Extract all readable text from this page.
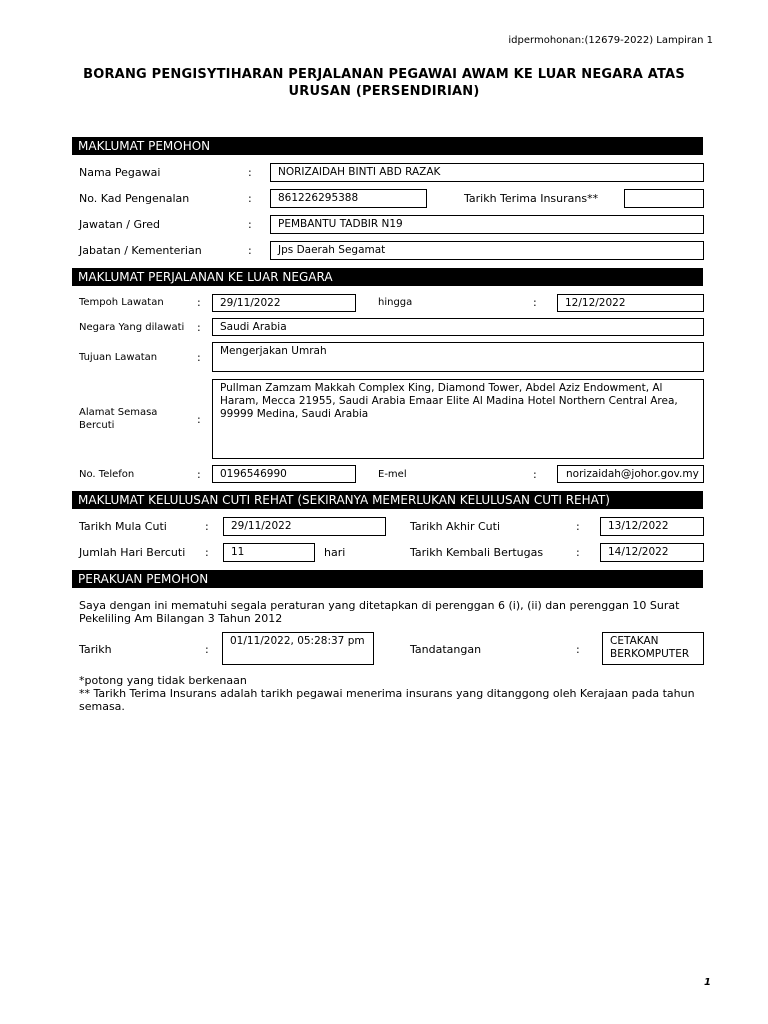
idpermohonan:(12679-2022) Lampiran 1
BORANG PENGISYTIHARAN PERJALANAN PEGAWAI AWAM KE LUAR NEGARA ATAS
URUSAN (PERSENDIRIAN)
MAKLUMAT PEMOHON
Nama Pegawai	:	NORIZAIDAH BINTI ABD RAZAK
No. Kad Pengenalan	:	861226295388	Tarikh Terima Insurans**
Jawatan / Gred	:	PEMBANTU TADBIR N19
Jabatan / Kementerian	:	Jps Daerah Segamat
MAKLUMAT PERJALANAN KE LUAR NEGARA
Tempoh Lawatan	:	29/11/2022	hingga	:	12/12/2022
Negara Yang dilawati :	Saudi Arabia
Tujuan Lawatan	:	Mengerjakan Umrah
Alamat Semasa
Bercuti	:
Pullman Zamzam Makkah Complex King, Diamond Tower, Abdel Aziz Endowment, Al Haram, Mecca 21955, Saudi Arabia Emaar Elite Al Madina Hotel Northern Central Area, 99999 Medina, Saudi Arabia
No. Telefon	:	0196546990	E-mel	:	norizaidah@johor.gov.my
MAKLUMAT KELULUSAN CUTI REHAT (SEKIRANYA MEMERLUKAN KELULUSAN CUTI REHAT)
Tarikh Mula Cuti	:	29/11/2022	Tarikh Akhir Cuti	:	13/12/2022
Jumlah Hari Bercuti :	11	hari	Tarikh Kembali Bertugas	:	14/12/2022
PERAKUAN PEMOHON
Saya dengan ini mematuhi segala peraturan yang ditetapkan di perenggan 6 (i), (ii) dan perenggan 10 Surat Pekeliling Am Bilangan 3 Tahun 2012
Tarikh	:
01/11/2022, 05:28:37 pm
Tandatangan	:
CETAKAN BERKOMPUTER
*potong yang tidak berkenaan
** Tarikh Terima Insurans adalah tarikh pegawai menerima insurans yang ditanggong oleh Kerajaan pada tahun semasa.
1
